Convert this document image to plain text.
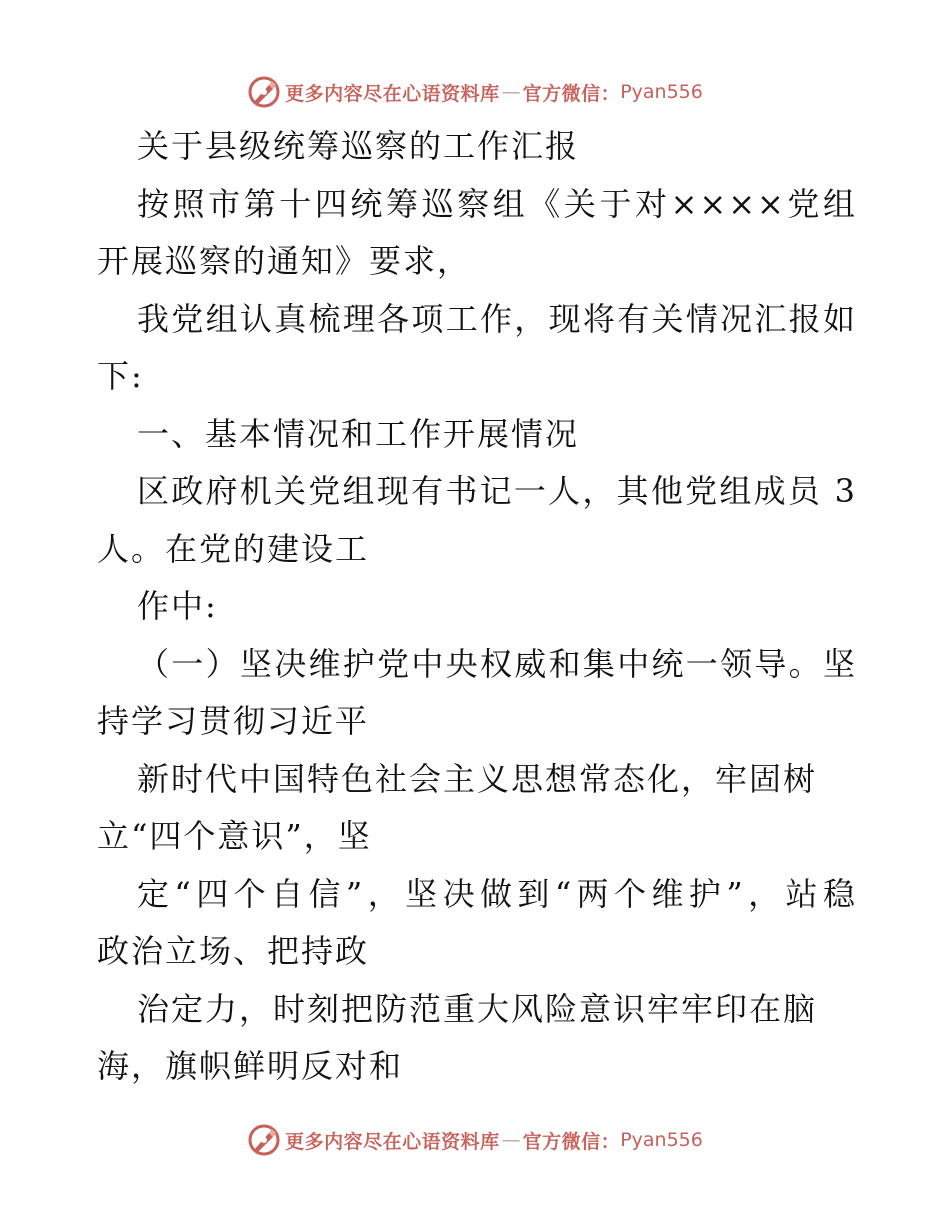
更多内容尽在心语资料库 — 官方微信： Pyan556
关于县级统筹巡察的工作汇报
按照市第十四统筹巡察组《关于对××××党组
开展巡察的通知》要求，
我党组认真梳理各项工作，现将有关情况汇报如
下:
一、基本情况和工作开展情况
区政府机关党组现有书记一人，其他党组成员 3
人。在党的建设工
作中:
（一）坚决维护党中央权威和集中统一领导。坚
持学习贯彻习近平
新时代中国特色社会主义思想常态化，牢固树
立“四个意识”，坚
定“四个自信”，坚决做到“两个维护”，站稳
政治立场、把持政
治定力，时刻把防范重大风险意识牢牢印在脑
海，旗帜鲜明反对和
更多内容尽在心语资料库 — 官方微信： Pyan556
